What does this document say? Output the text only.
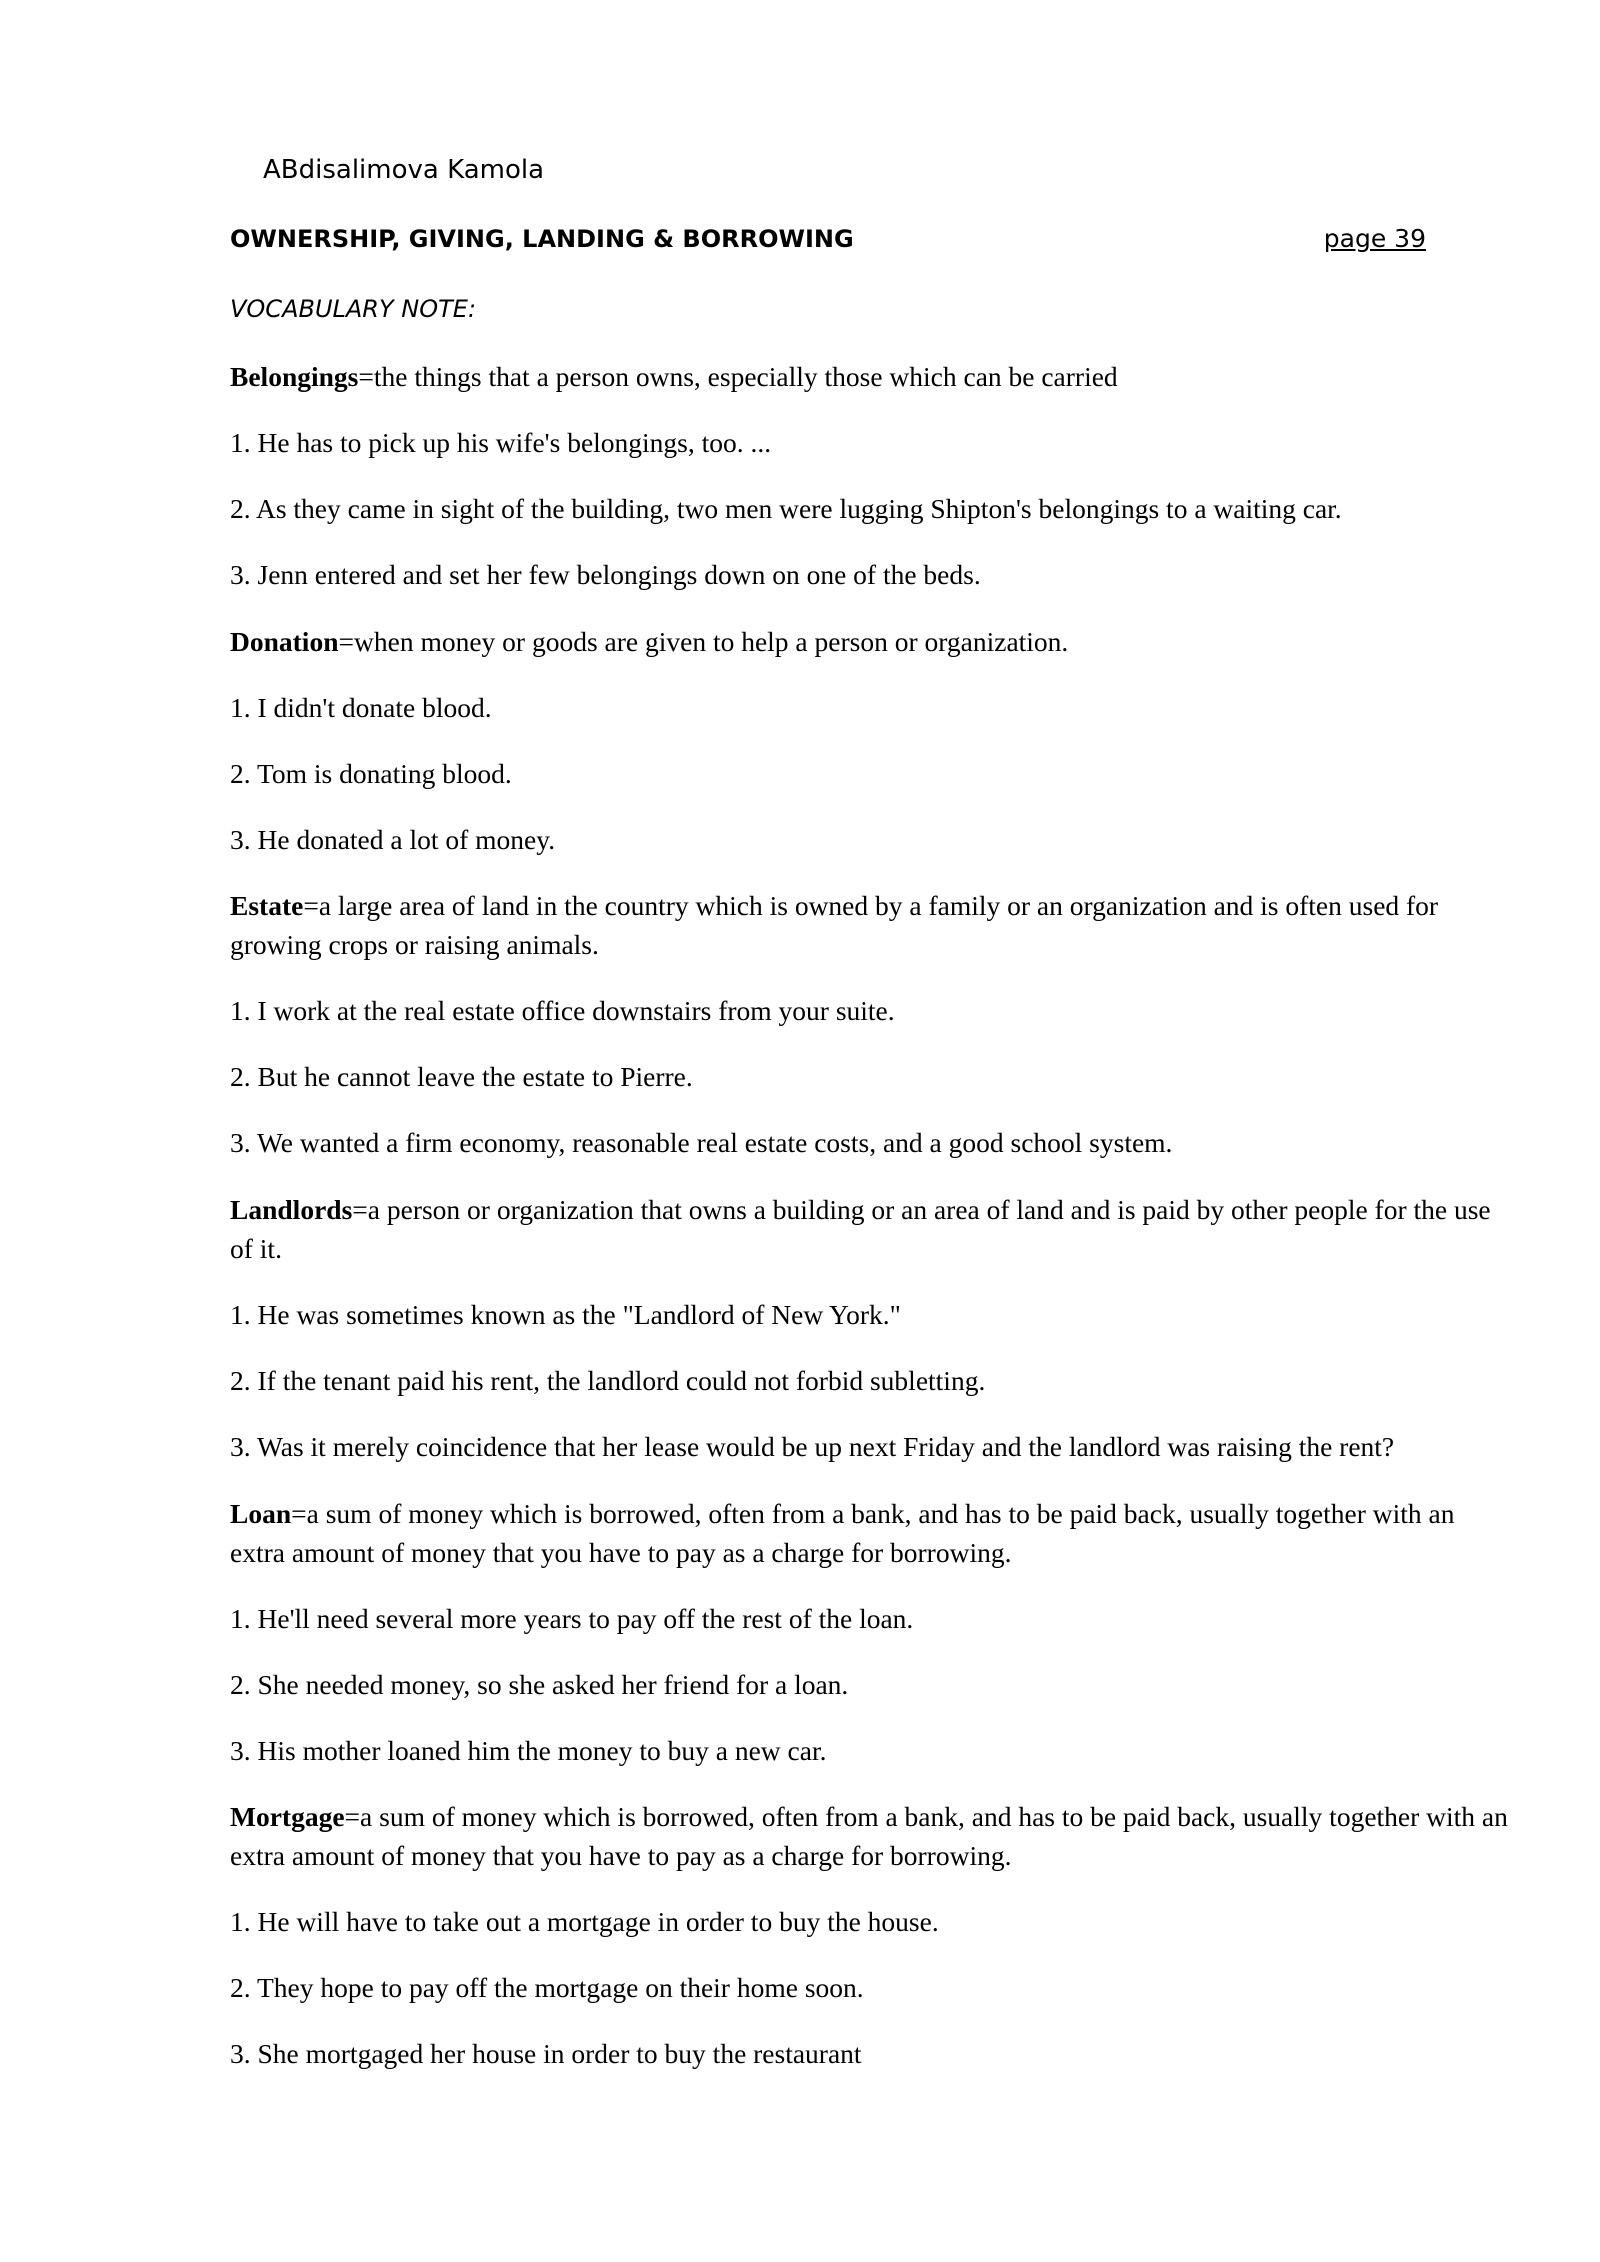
ABdisalimova Kamola
OWNERSHIP, GIVING, LANDING & BORROWING	page 39
VOCABULARY NOTE:
Belongings=the things that a person owns, especially those which can be carried
1. He has to pick up his wife's belongings, too. ...
2. As they came in sight of the building, two men were lugging Shipton's belongings to a waiting car.
3. Jenn entered and set her few belongings down on one of the beds.
Donation=when money or goods are given to help a person or organization.
1. I didn't donate blood.
2. Tom is donating blood.
3. He donated a lot of money.
Estate=a large area of land in the country which is owned by a family or an organization and is often used for growing crops or raising animals.
1. I work at the real estate office downstairs from your suite.
2. But he cannot leave the estate to Pierre.
3. We wanted a firm economy, reasonable real estate costs, and a good school system.
Landlords=a person or organization that owns a building or an area of land and is paid by other people for the use of it.
1. He was sometimes known as the "Landlord of New York."
2. If the tenant paid his rent, the landlord could not forbid subletting.
3. Was it merely coincidence that her lease would be up next Friday and the landlord was raising the rent?
Loan=a sum of money which is borrowed, often from a bank, and has to be paid back, usually together with an extra amount of money that you have to pay as a charge for borrowing.
1. He'll need several more years to pay off the rest of the loan.
2. She needed money, so she asked her friend for a loan.
3. His mother loaned him the money to buy a new car.
Mortgage=a sum of money which is borrowed, often from a bank, and has to be paid back, usually together with an extra amount of money that you have to pay as a charge for borrowing.
1. He will have to take out a mortgage in order to buy the house.
2. They hope to pay off the mortgage on their home soon.
3. She mortgaged her house in order to buy the restaurant
